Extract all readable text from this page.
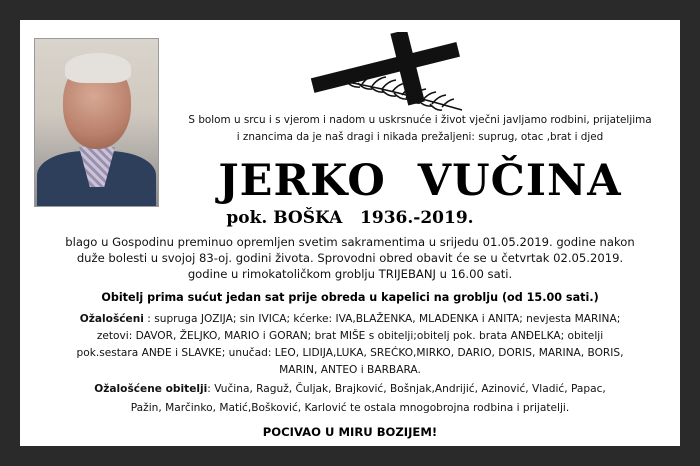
S bolom u srcu i s vjerom i nadom u uskrsnuće i život vječni javljamo rodbini, prijateljima
i znancima da je naš dragi i nikada prežaljeni: suprug, otac ,brat i djed
JERKO  VUČINA
pok. BOŠKA   1936.-2019.
blago u Gospodinu preminuo opremljen svetim sakramentima u srijedu 01.05.2019. godine nakon
duže bolesti u svojoj 83-oj. godini života. Sprovodni obred obavit će se u četvrtak 02.05.2019.
godine u rimokatoličkom groblju TRIJEBANJ u 16.00 sati.
Obitelj prima sućut jedan sat prije obreda u kapelici na groblju (od 15.00 sati.)
Ožalošćeni : supruga JOZIJA; sin IVICA; kćerke: IVA,BLAŽENKA, MLADENKA i ANITA; nevjesta MARINA;
zetovi: DAVOR, ŽELJKO, MARIO i GORAN; brat MIŠE s obitelji;obitelj pok. brata ANĐELKA; obitelji
pok.sestara ANĐE i SLAVKE; unučad: LEO, LIDIJA,LUKA, SREĆKO,MIRKO, DARIO, DORIS, MARINA, BORIS,
MARIN, ANTEO i BARBARA.
Ožalošćene obitelji: Vučina, Raguž, Čuljak, Brajković, Bošnjak,Andrijić, Azinović, Vladić, Papac,
Pažin, Marčinko, Matić,Bošković, Karlović te ostala mnogobrojna rodbina i prijatelji.
POCIVAO U MIRU BOZIJEM!
